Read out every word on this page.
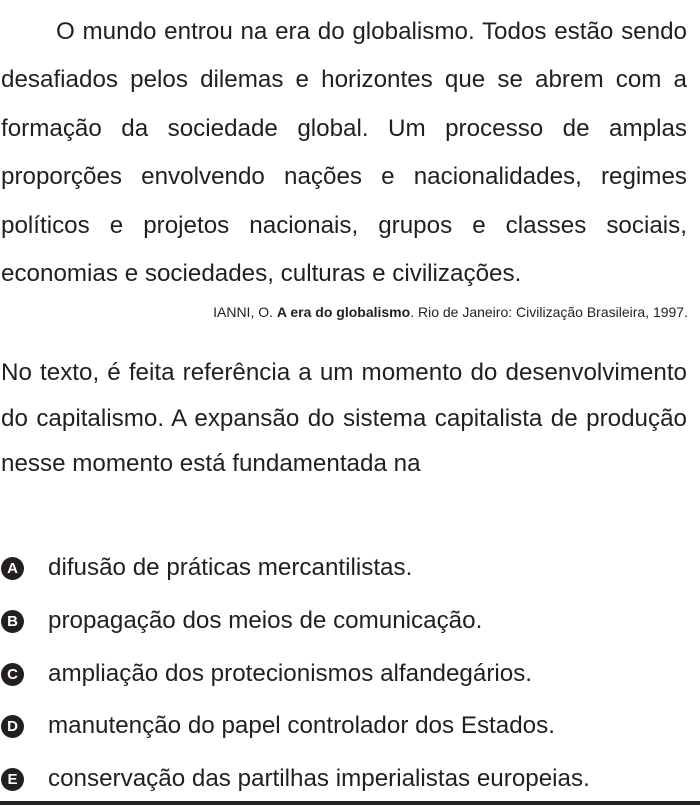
O mundo entrou na era do globalismo. Todos estão sendo desafiados pelos dilemas e horizontes que se abrem com a formação da sociedade global. Um processo de amplas proporções envolvendo nações e nacionalidades, regimes políticos e projetos nacionais, grupos e classes sociais, economias e sociedades, culturas e civilizações.

IANNI, O. A era do globalismo. Rio de Janeiro: Civilização Brasileira, 1997.

No texto, é feita referência a um momento do desenvolvimento do capitalismo. A expansão do sistema capitalista de produção nesse momento está fundamentada na

A difusão de práticas mercantilistas.
B propagação dos meios de comunicação.
C ampliação dos protecionismos alfandegários.
D manutenção do papel controlador dos Estados.
E conservação das partilhas imperialistas europeias.
